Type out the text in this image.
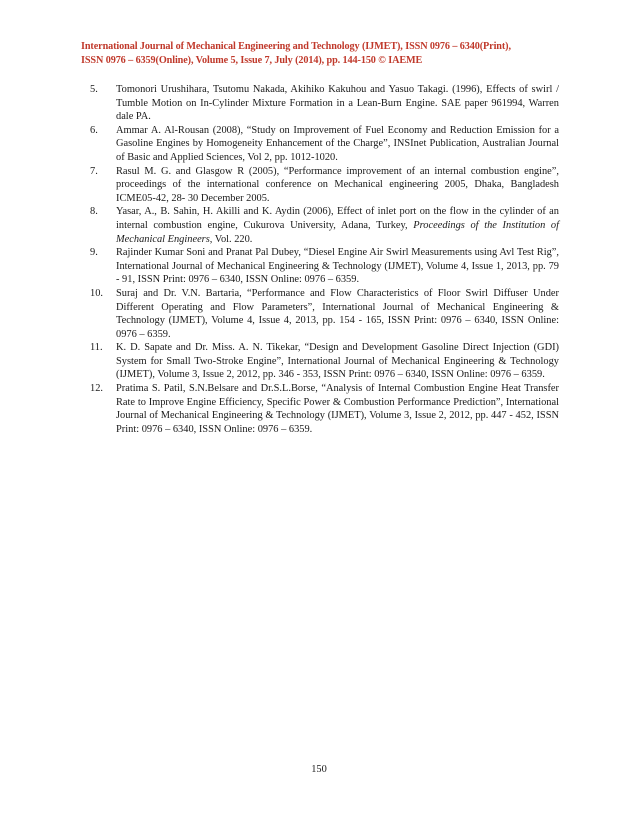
International Journal of Mechanical Engineering and Technology (IJMET), ISSN 0976 – 6340(Print),
ISSN 0976 – 6359(Online), Volume 5, Issue 7, July (2014), pp. 144-150 © IAEME
5.	Tomonori Urushihara, Tsutomu Nakada, Akihiko Kakuhou and Yasuo Takagi. (1996), Effects of swirl / Tumble Motion on In-Cylinder Mixture Formation in a Lean-Burn Engine. SAE paper 961994, Warren dale PA.
6.	Ammar A. Al-Rousan (2008), “Study on Improvement of Fuel Economy and Reduction Emission for a Gasoline Engines by Homogeneity Enhancement of the Charge”, INSInet Publication, Australian Journal of Basic and Applied Sciences, Vol 2, pp. 1012-1020.
7.	Rasul M. G. and Glasgow R (2005), “Performance improvement of an internal combustion engine”, proceedings of the international conference on Mechanical engineering 2005, Dhaka, Bangladesh ICME05-42, 28- 30 December 2005.
8.	Yasar, A., B. Sahin, H. Akilli and K. Aydin (2006), Effect of inlet port on the flow in the cylinder of an internal combustion engine, Cukurova University, Adana, Turkey, Proceedings of the Institution of Mechanical Engineers, Vol. 220.
9.	Rajinder Kumar Soni and Pranat Pal Dubey, “Diesel Engine Air Swirl Measurements using Avl Test Rig”, International Journal of Mechanical Engineering & Technology (IJMET), Volume 4, Issue 1, 2013, pp. 79 - 91, ISSN Print: 0976 – 6340, ISSN Online: 0976 – 6359.
10.	Suraj and Dr. V.N. Bartaria, “Performance and Flow Characteristics of Floor Swirl Diffuser Under Different Operating and Flow Parameters”, International Journal of Mechanical Engineering & Technology (IJMET), Volume 4, Issue 4, 2013, pp. 154 - 165, ISSN Print: 0976 – 6340, ISSN Online: 0976 – 6359.
11.	K. D. Sapate and Dr. Miss. A. N. Tikekar, “Design and Development Gasoline Direct Injection (GDI) System for Small Two-Stroke Engine”, International Journal of Mechanical Engineering & Technology (IJMET), Volume 3, Issue 2, 2012, pp. 346 - 353, ISSN Print: 0976 – 6340, ISSN Online: 0976 – 6359.
12.	Pratima S. Patil, S.N.Belsare and Dr.S.L.Borse, “Analysis of Internal Combustion Engine Heat Transfer Rate to Improve Engine Efficiency, Specific Power & Combustion Performance Prediction”, International Journal of Mechanical Engineering & Technology (IJMET), Volume 3, Issue 2, 2012, pp. 447 - 452, ISSN Print: 0976 – 6340, ISSN Online: 0976 – 6359.
150
